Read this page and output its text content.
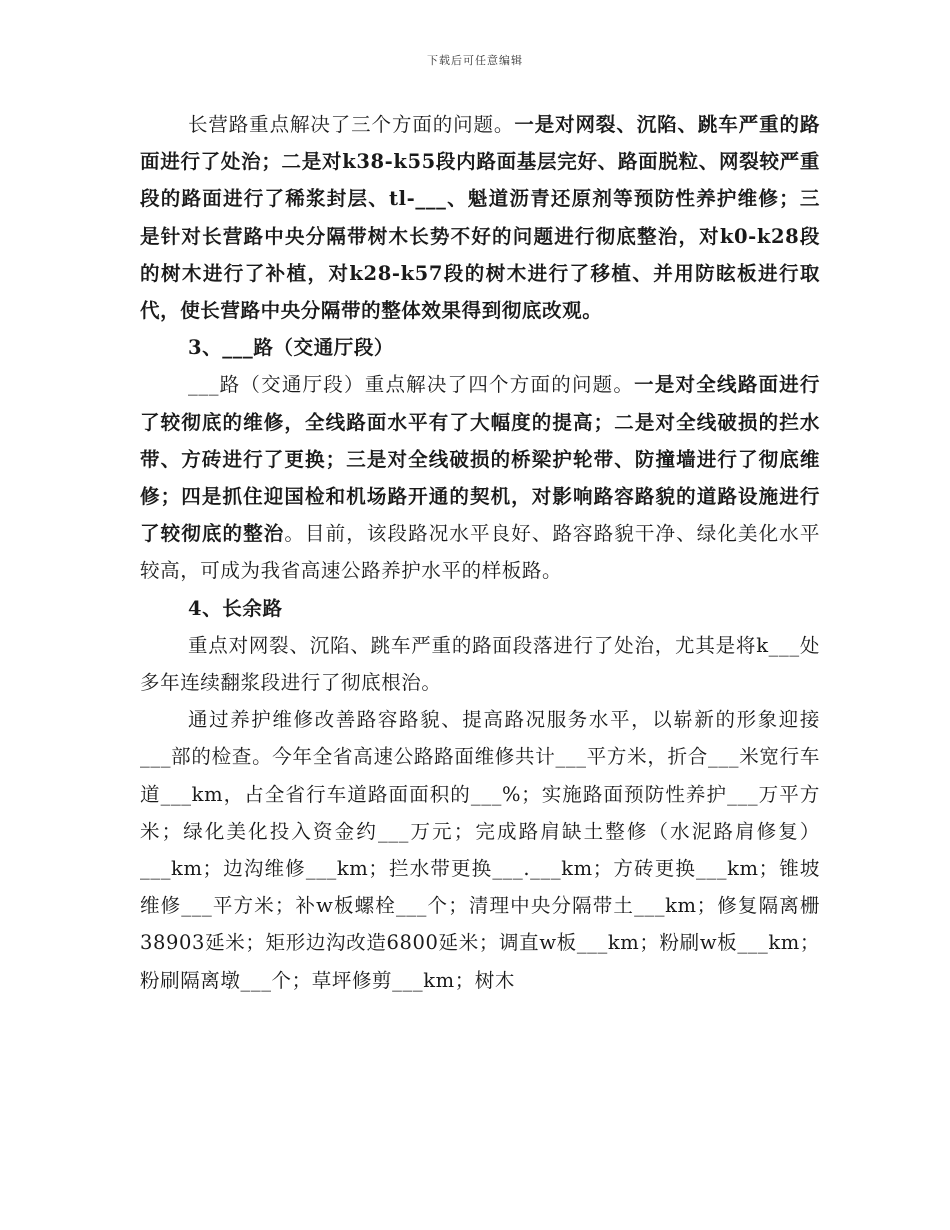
下载后可任意编辑

长营路重点解决了三个方面的问题。一是对网裂、沉陷、跳车严重的路面进行了处治；二是对k38-k55段内路面基层完好、路面脱粒、网裂较严重段的路面进行了稀浆封层、tl-___、魁道沥青还原剂等预防性养护维修；三是针对长营路中央分隔带树木长势不好的问题进行彻底整治，对k0-k28段的树木进行了补植，对k28-k57段的树木进行了移植、并用防眩板进行取代，使长营路中央分隔带的整体效果得到彻底改观。

3、___路（交通厅段）

___路（交通厅段）重点解决了四个方面的问题。一是对全线路面进行了较彻底的维修，全线路面水平有了大幅度的提高；二是对全线破损的拦水带、方砖进行了更换；三是对全线破损的桥梁护轮带、防撞墙进行了彻底维修；四是抓住迎国检和机场路开通的契机，对影响路容路貌的道路设施进行了较彻底的整治。目前，该段路况水平良好、路容路貌干净、绿化美化水平较高，可成为我省高速公路养护水平的样板路。

4、长余路

重点对网裂、沉陷、跳车严重的路面段落进行了处治，尤其是将k___处多年连续翻浆段进行了彻底根治。

通过养护维修改善路容路貌、提高路况服务水平，以崭新的形象迎接___部的检查。今年全省高速公路路面维修共计___平方米，折合___米宽行车道___km，占全省行车道路面面积的___%；实施路面预防性养护___万平方米；绿化美化投入资金约___万元；完成路肩缺土整修（水泥路肩修复）___km；边沟维修___km；拦水带更换___.___km；方砖更换___km；锥坡维修___平方米；补w板螺栓___个；清理中央分隔带土___km；修复隔离栅38903延米；矩形边沟改造6800延米；调直w板___km；粉刷w板___km；粉刷隔离墩___个；草坪修剪___km；树木
